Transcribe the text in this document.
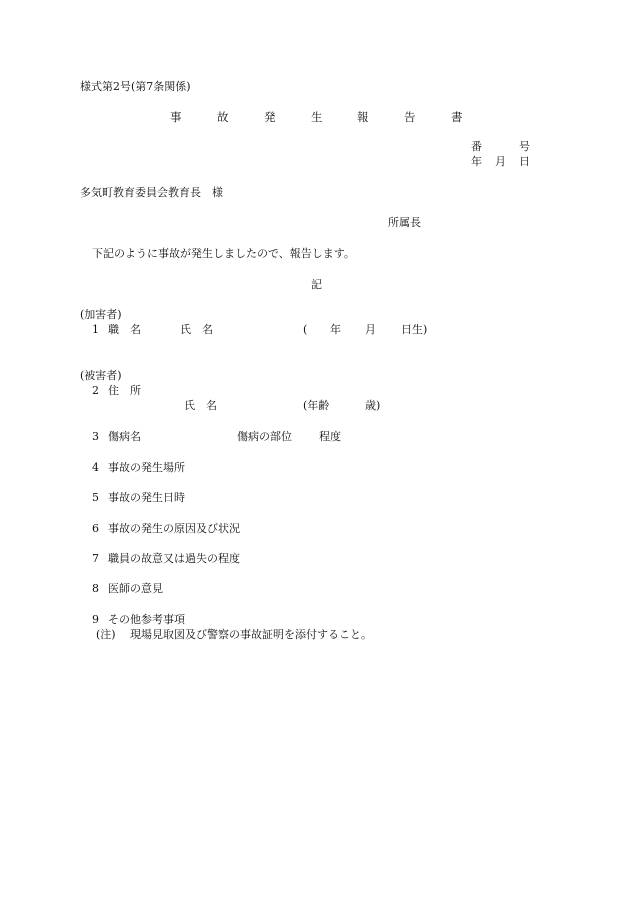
様式第2号(第7条関係)
事	故	発	生	報	告	書
番	号
年 月 日
多気町教育委員会教育長　様
所属長
下記のように事故が発生しましたので、報告します。
記
(加害者)
1 職　名	氏　名	( 年 月 日生)
(被害者)
2 住　所
氏　名	(年齢	歳)
3 傷病名	傷病の部位 程度
4 事故の発生場所
5 事故の発生日時
6 事故の発生の原因及び状況
7 職員の故意又は過失の程度
8 医師の意見
9 その他参考事項
(注) 現場見取図及び警察の事故証明を添付すること。
